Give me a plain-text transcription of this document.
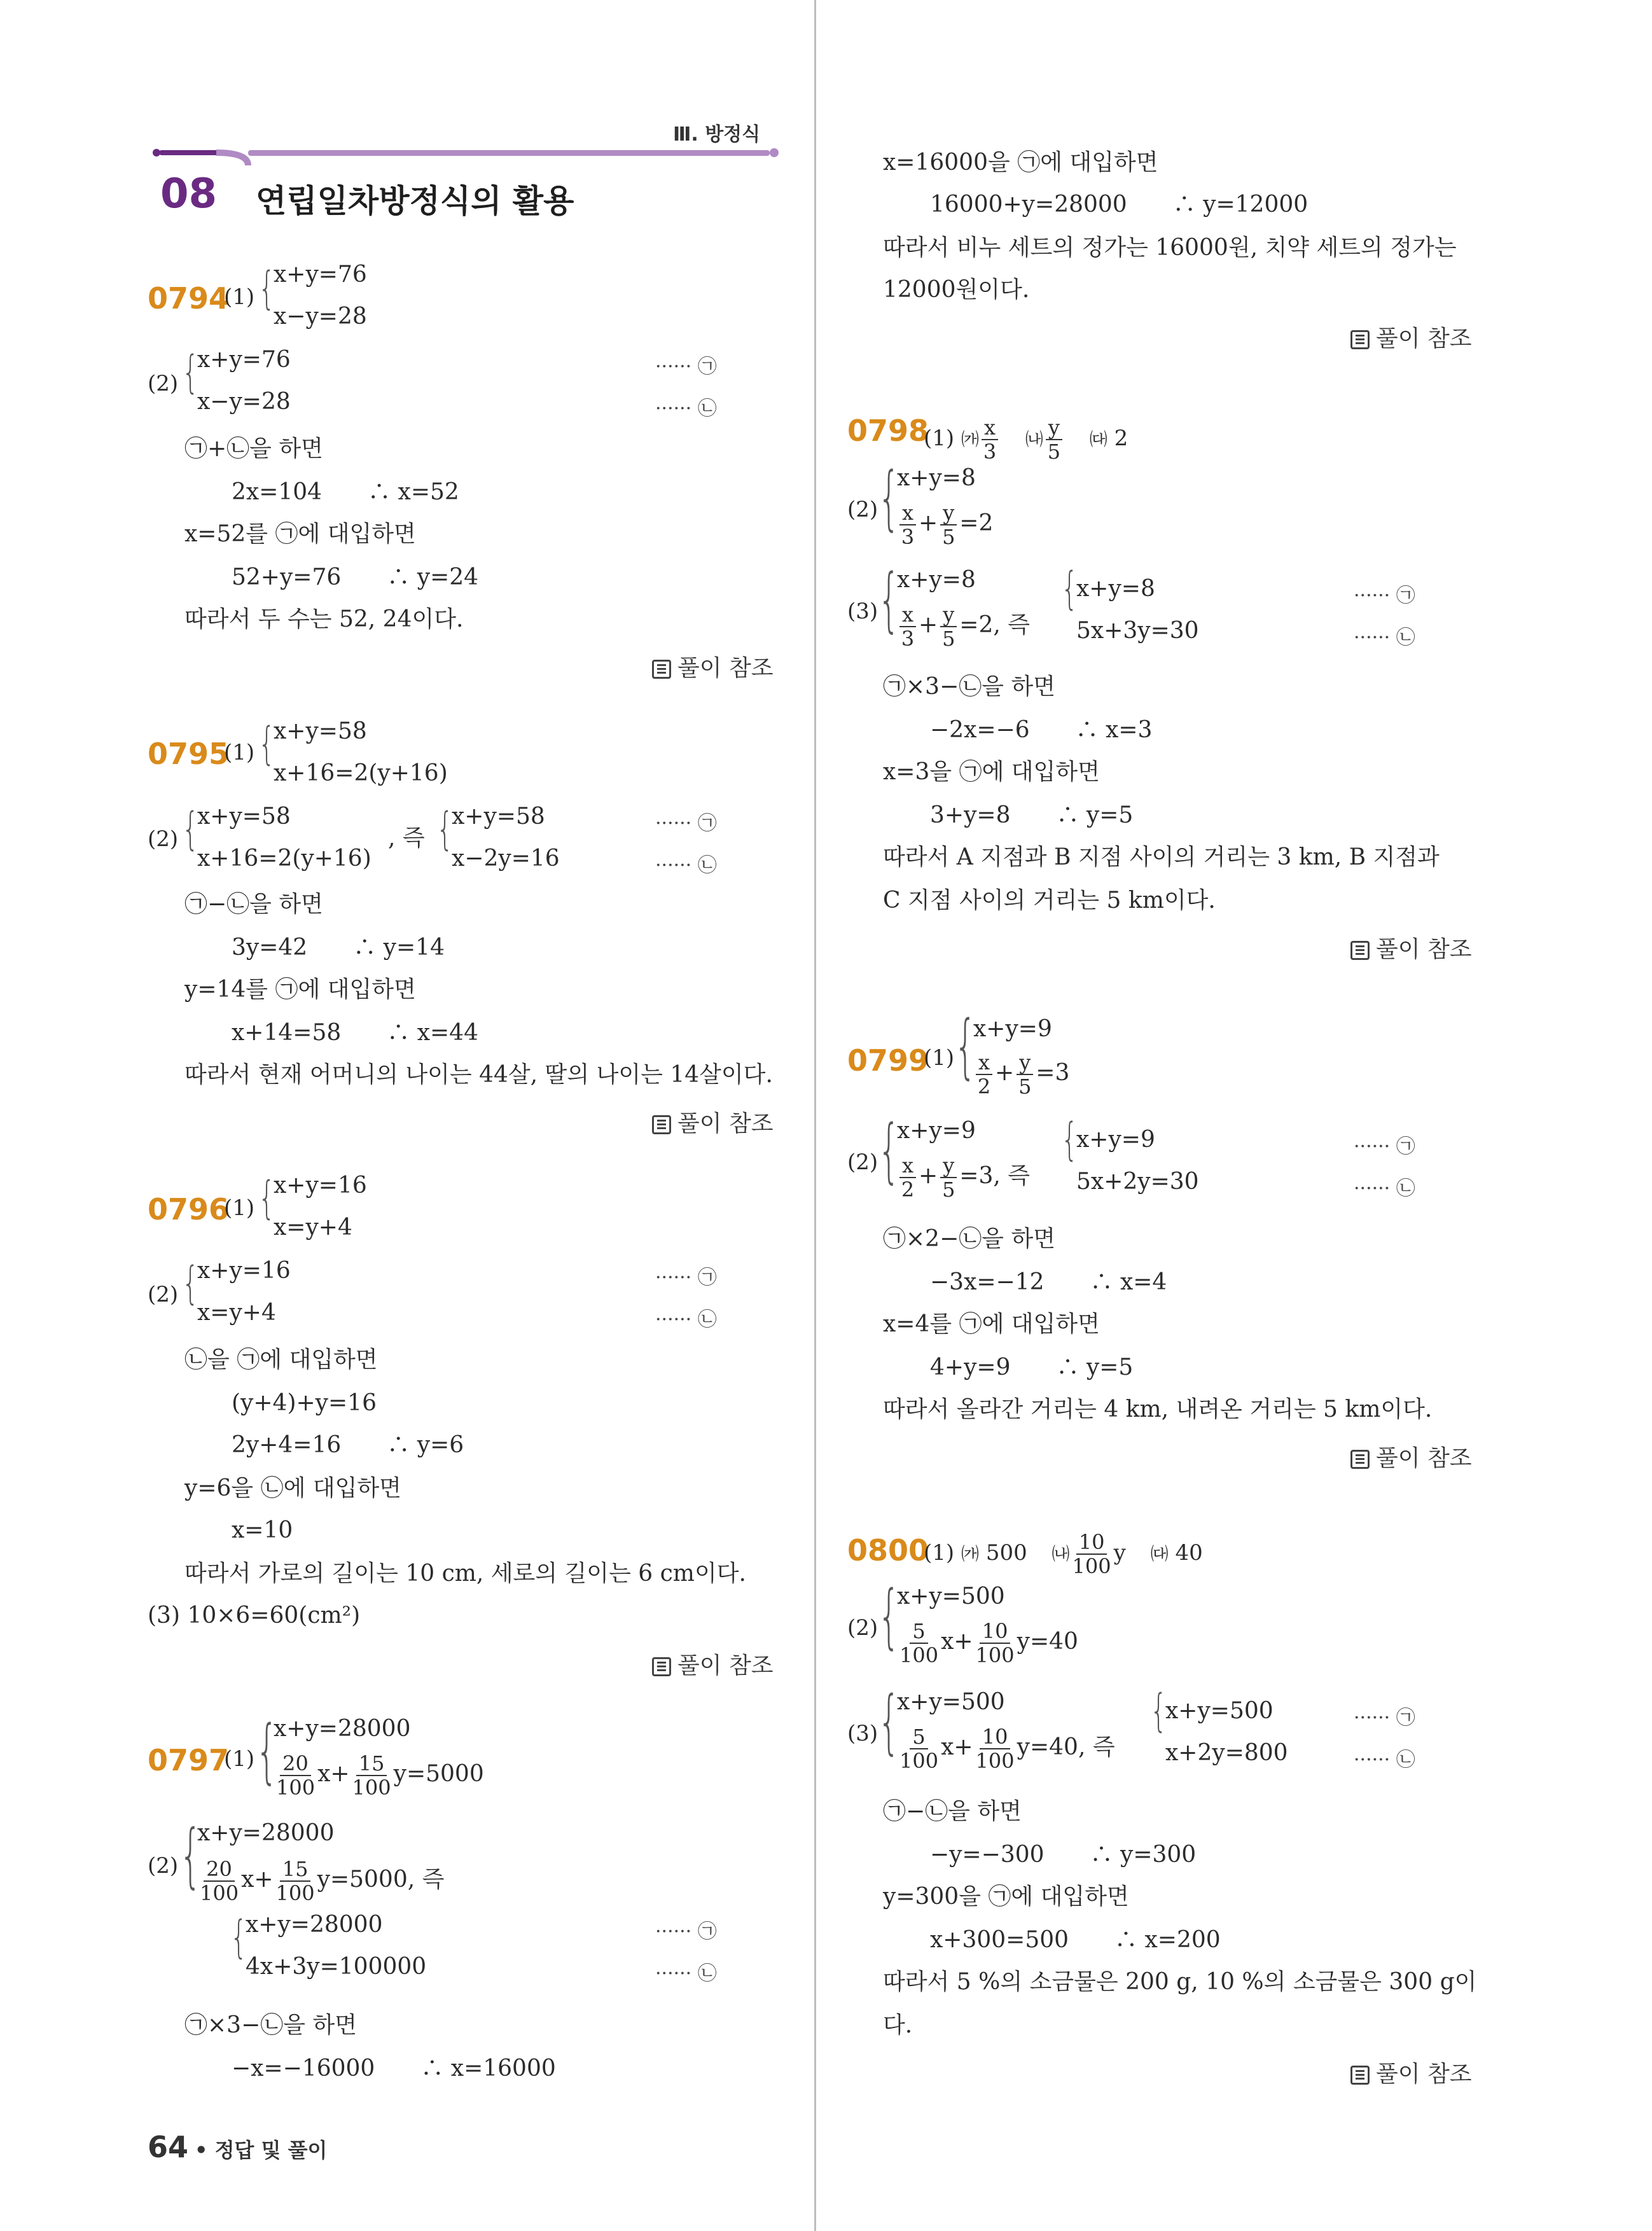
Ⅲ. 방정식
08 연립일차방정식의 활용
0794
(1) {
x+y=76
x−y=28
(2) {
x+y=76
x−y=28
······ ㉠
······ ㉡
㉠+㉡을 하면
2x=104　　∴ x=52
x=52를 ㉠에 대입하면
52+y=76　　∴ y=24
따라서 두 수는 52, 24이다.
풀이 참조
0795
(1) {
x+y=58
x+16=2(y+16)
(2) {
x+y=58
x+16=2(y+16)
, 즉 {
x+y=58
x−2y=16
······ ㉠
······ ㉡
㉠−㉡을 하면
3y=42　　∴ y=14
y=14를 ㉠에 대입하면
x+14=58　　∴ x=44
따라서 현재 어머니의 나이는 44살, 딸의 나이는 14살이다.
풀이 참조
0796
(1) {
x+y=16
x=y+4
(2) {
x+y=16
x=y+4
······ ㉠
······ ㉡
㉡을 ㉠에 대입하면
(y+4)+y=16
2y+4=16　　∴ y=6
y=6을 ㉡에 대입하면
x=10
따라서 가로의 길이는 10 cm, 세로의 길이는 6 cm이다.
(3) 10×6=60(cm²)
풀이 참조
0797
(1) {
x+y=28000
$\frac{20}{100} x+ \frac{15}{100} y=5000$
(2) {
x+y=28000
$\frac{20}{100} x+ \frac{15}{100} y=5000$, 즉
{
x+y=28000
4x+3y=100000
······ ㉠
······ ㉡
㉠×3−㉡을 하면
−x=−16000　　∴ x=16000
64 • 정답 및 풀이
x=16000을 ㉠에 대입하면
16000+y=28000　　∴ y=12000
따라서 비누 세트의 정가는 16000원, 치약 세트의 정가는
12000원이다.
풀이 참조
0798
(1) ㈎ $\frac{x}{3}$ ㈏ $\frac{y}{5}$ ㈐ 2
(2) {
x+y=8
$\frac{x}{3} + \frac{y}{5} =2$
(3) {
x+y=8
$\frac{x}{3} + \frac{y}{5} =2$, 즉
{
x+y=8
5x+3y=30
······ ㉠
······ ㉡
㉠×3−㉡을 하면
−2x=−6　　∴ x=3
x=3을 ㉠에 대입하면
3+y=8　　∴ y=5
따라서 A 지점과 B 지점 사이의 거리는 3 km, B 지점과
C 지점 사이의 거리는 5 km이다.
풀이 참조
0799
(1) {
x+y=9
$\frac{x}{2} + \frac{y}{5} =3$
(2) {
x+y=9
$\frac{x}{2} + \frac{y}{5} =3$, 즉
{
x+y=9
5x+2y=30
······ ㉠
······ ㉡
㉠×2−㉡을 하면
−3x=−12　　∴ x=4
x=4를 ㉠에 대입하면
4+y=9　　∴ y=5
따라서 올라간 거리는 4 km, 내려온 거리는 5 km이다.
풀이 참조
0800
(1) ㈎ 500 ㈏ $\frac{10}{100}$ y ㈐ 40
(2) {
x+y=500
$\frac{5}{100} x+ \frac{10}{100} y=40$
(3) {
x+y=500
$\frac{5}{100} x+ \frac{10}{100} y=40$, 즉
{
x+y=500
x+2y=800
······ ㉠
······ ㉡
㉠−㉡을 하면
−y=−300　　∴ y=300
y=300을 ㉠에 대입하면
x+300=500　　∴ x=200
따라서 5 %의 소금물은 200 g, 10 %의 소금물은 300 g이
다.
풀이 참조
